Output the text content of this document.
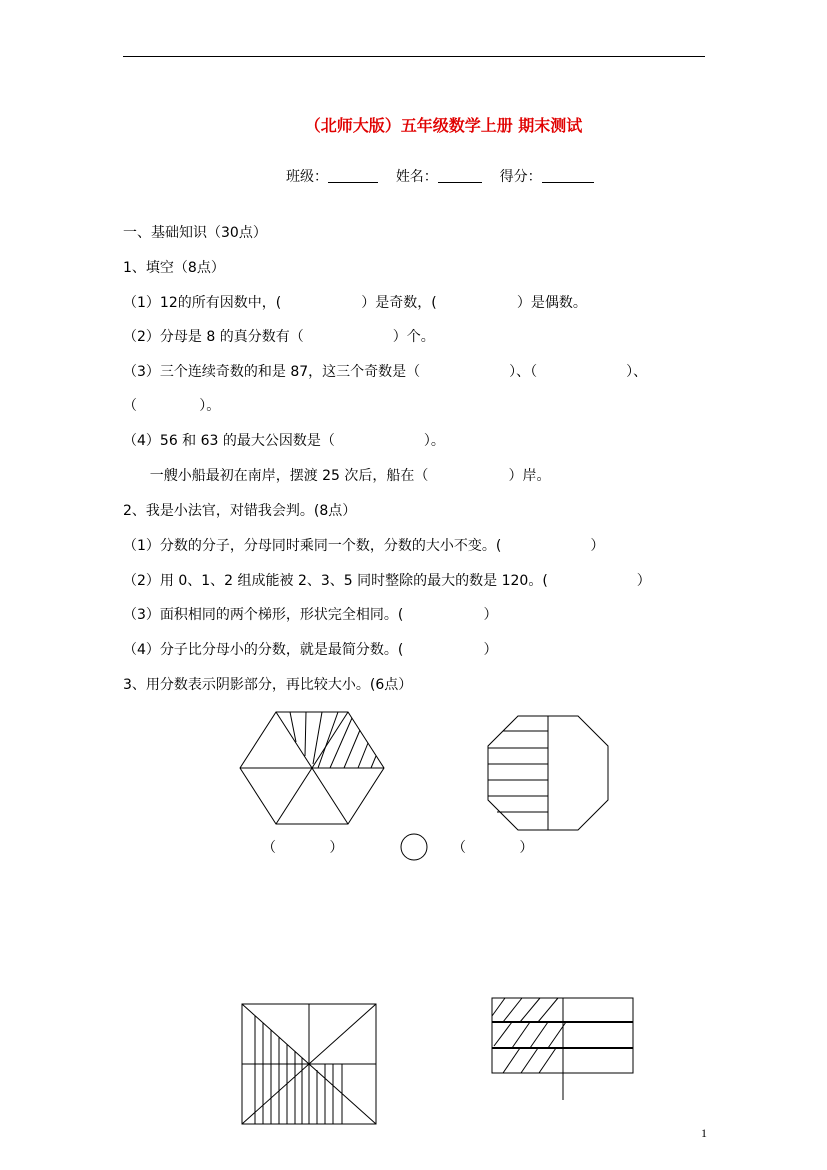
（北师大版）五年级数学上册 期末测试
班级：	姓名：	得分：
一、基础知识（30点）
1、填空（8点）
（1）12的所有因数中，(                  ）是奇数，(                  ）是偶数。
（2）分母是 8 的真分数有（                    ）个。
（3）三个连续奇数的和是 87，这三个奇数是（                    ）、（                    ）、
（              ）。
（4）56 和 63 的最大公因数是（                    ）。
一艘小船最初在南岸，摆渡 25 次后，船在（                  ）岸。
2、我是小法官，对错我会判。(8点）
（1）分数的分子，分母同时乘同一个数，分数的大小不变。(                    ）
（2）用 0、1、2 组成能被 2、3、5 同时整除的最大的数是 120。(                    ）
（3）面积相同的两个梯形，形状完全相同。(                  ）
（4）分子比分母小的分数，就是最简分数。(                  ）
3、用分数表示阴影部分，再比较大小。(6点）
（            ）	（            ）
1
